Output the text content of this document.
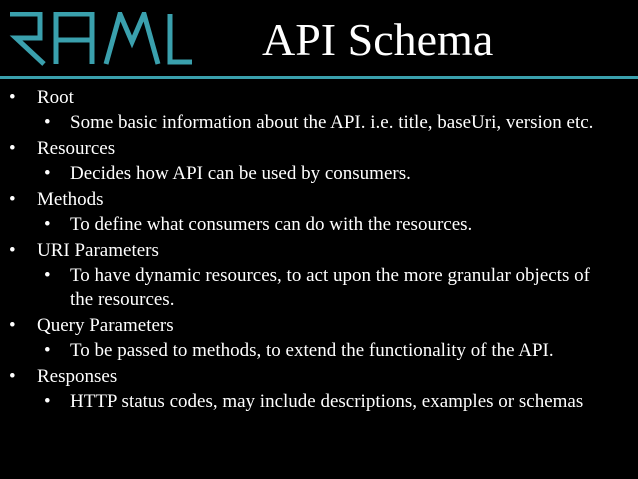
API Schema
• Root
• Some basic information about the API. i.e. title, baseUri, version etc.
• Resources
• Decides how API can be used by consumers.
• Methods
• To define what consumers can do with the resources.
• URI Parameters
• To have dynamic resources, to act upon the more granular objects of the resources.
• Query Parameters
• To be passed to methods, to extend the functionality of the API.
• Responses
• HTTP status codes, may include descriptions, examples or schemas
